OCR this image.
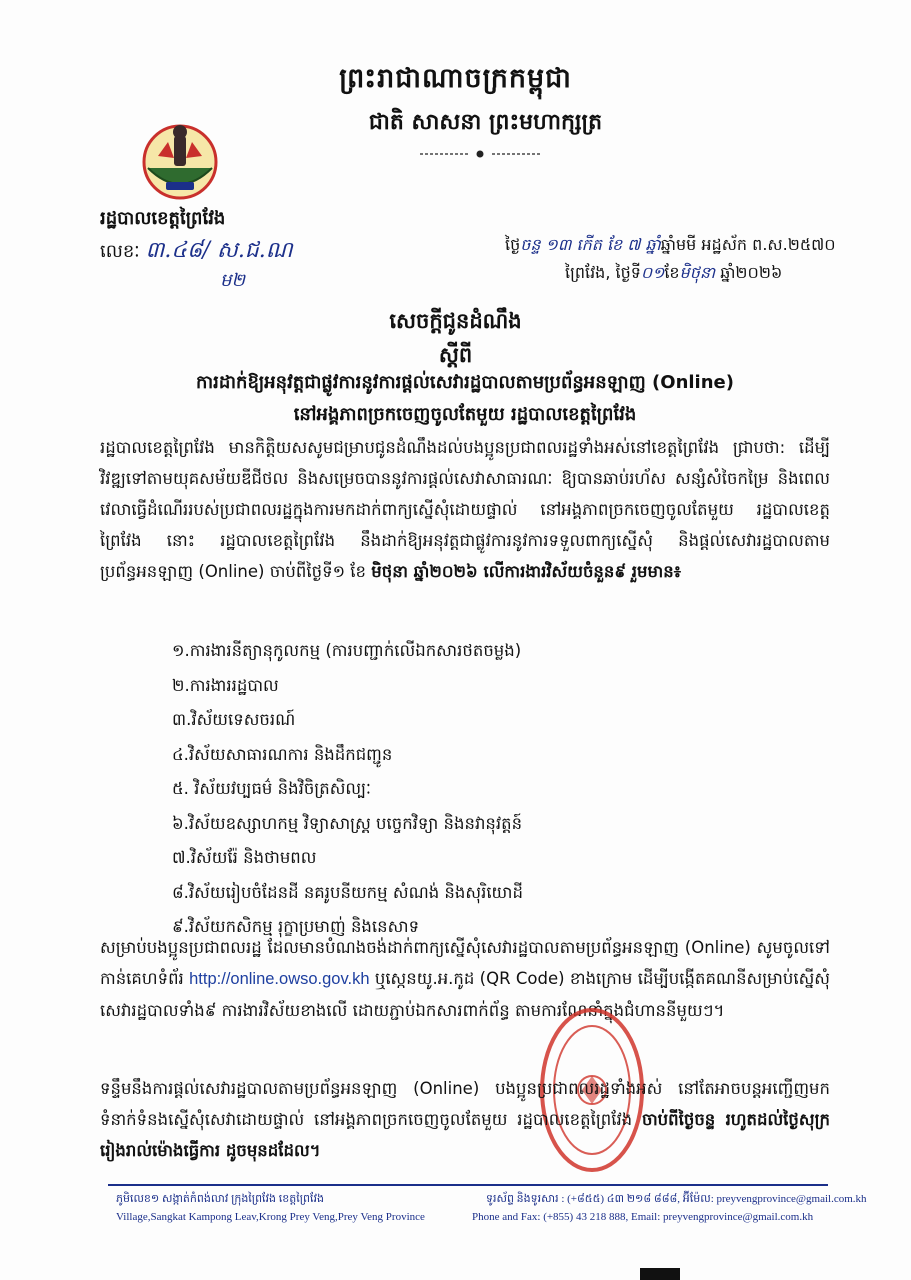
ព្រះរាជាណាចក្រកម្ពុជា
ជាតិ សាសនា ព្រះមហាក្សត្រ
រដ្ឋបាលខេត្តព្រៃវែង
លេខៈ ៣.៤៨/ ស.ជ.ណ
ម២
ថ្ងៃចន្ទ ១៣ កើត ខែ ៧ ឆ្នាំឆ្នាំមមី អដ្ឋស័ក ព.ស.២៥៧០
ព្រៃវែង, ថ្ងៃទី០១ខែមិថុនា ឆ្នាំ២០២៦
សេចក្តីជូនដំណឹង
ស្តីពី
ការដាក់ឱ្យអនុវត្តជាផ្លូវការនូវការផ្តល់សេវារដ្ឋបាលតាមប្រព័ន្ធអនឡាញ (Online)
នៅអង្គភាពច្រកចេញចូលតែមួយ រដ្ឋបាលខេត្តព្រៃវែង
រដ្ឋបាលខេត្តព្រៃវែង មានកិត្តិយសសូមជម្រាបជូនដំណឹងដល់បងប្អូនប្រជាពលរដ្ឋទាំងអស់នៅខេត្តព្រៃវែង ជ្រាបថា: ដើម្បីវិវឌ្ឍទៅតាមយុគសម័យឌីជីថល និងសម្រេចបាននូវការផ្តល់សេវាសាធារណៈ ឱ្យបានឆាប់រហ័ស សន្សំសំចៃកម្រៃ និងពេលវេលាធ្វើដំណើររបស់ប្រជាពលរដ្ឋក្នុងការមកដាក់ពាក្យស្នើសុំដោយផ្ទាល់ នៅអង្គភាពច្រកចេញចូលតែមួយ រដ្ឋបាលខេត្តព្រៃវែង នោះ រដ្ឋបាលខេត្តព្រៃវែង នឹងដាក់ឱ្យអនុវត្តជាផ្លូវការនូវការទទួលពាក្យស្នើសុំ និងផ្តល់សេវារដ្ឋបាលតាមប្រព័ន្ធអនឡាញ (Online) ចាប់ពីថ្ងៃទី១ ខែ មិថុនា ឆ្នាំ២០២៦ លើការងារវិស័យចំនួន៩ រួមមាន៖
១.ការងារនីត្យានុកូលកម្ម (ការបញ្ជាក់លើឯកសារថតចម្លង)
២.ការងាររដ្ឋបាល
៣.វិស័យទេសចរណ៍
៤.វិស័យសាធារណការ និងដឹកជញ្ជូន
៥. វិស័យវប្បធម៌ និងវិចិត្រសិល្បៈ
៦.វិស័យឧស្សាហកម្ម វិទ្យាសាស្ត្រ បច្ចេកវិទ្យា និងនវានុវត្តន៍
៧.វិស័យរ៉ែ និងថាមពល
៨.វិស័យរៀបចំដែនដី នគរូបនីយកម្ម សំណង់ និងសុរិយោដី
៩.វិស័យកសិកម្ម រុក្ខាប្រមាញ់ និងនេសាទ
សម្រាប់បងប្អូនប្រជាពលរដ្ឋ ដែលមានបំណងចង់ដាក់ពាក្យស្នើសុំសេវារដ្ឋបាលតាមប្រព័ន្ធអនឡាញ (Online) សូមចូលទៅកាន់គេហទំព័រ http://online.owso.gov.kh ឬស្កេនយូ.អ.កូដ (QR Code) ខាងក្រោម ដើម្បីបង្កើតគណនីសម្រាប់ស្នើសុំសេវារដ្ឋបាលទាំង៩ ការងារវិស័យខាងលើ ដោយភ្ជាប់ឯកសារពាក់ព័ន្ធ តាមការណែនាំក្នុងជំហាននីមួយៗ។
ទន្ទឹមនឹងការផ្តល់សេវារដ្ឋបាលតាមប្រព័ន្ធអនឡាញ (Online) បងប្អូនប្រជាពលរដ្ឋទាំងអស់ នៅតែអាចបន្តអញ្ជើញមកទំនាក់ទំនងស្នើសុំសេវាដោយផ្ទាល់ នៅអង្គភាពច្រកចេញចូលតែមួយ រដ្ឋបាលខេត្តព្រៃវែង ចាប់ពីថ្ងៃចន្ទ រហូតដល់ថ្ងៃសុក្រ រៀងរាល់ម៉ោងធ្វើការ ដូចមុនដដែល។
ភូមិលេខ១ សង្កាត់កំពង់លាវ ក្រុងព្រៃវែង ខេត្តព្រៃវែង
Village,Sangkat Kampong Leav,Krong Prey Veng,Prey Veng Province
ទូរស័ព្ទ និងទូរសារ : (+៨៥៥) ៤៣ ២១៨ ៨៨៨, អ៊ីម៉ែល: preyvengprovince@gmail.com.kh
Phone and Fax: (+855) 43 218 888, Email: preyvengprovince@gmail.com.kh
